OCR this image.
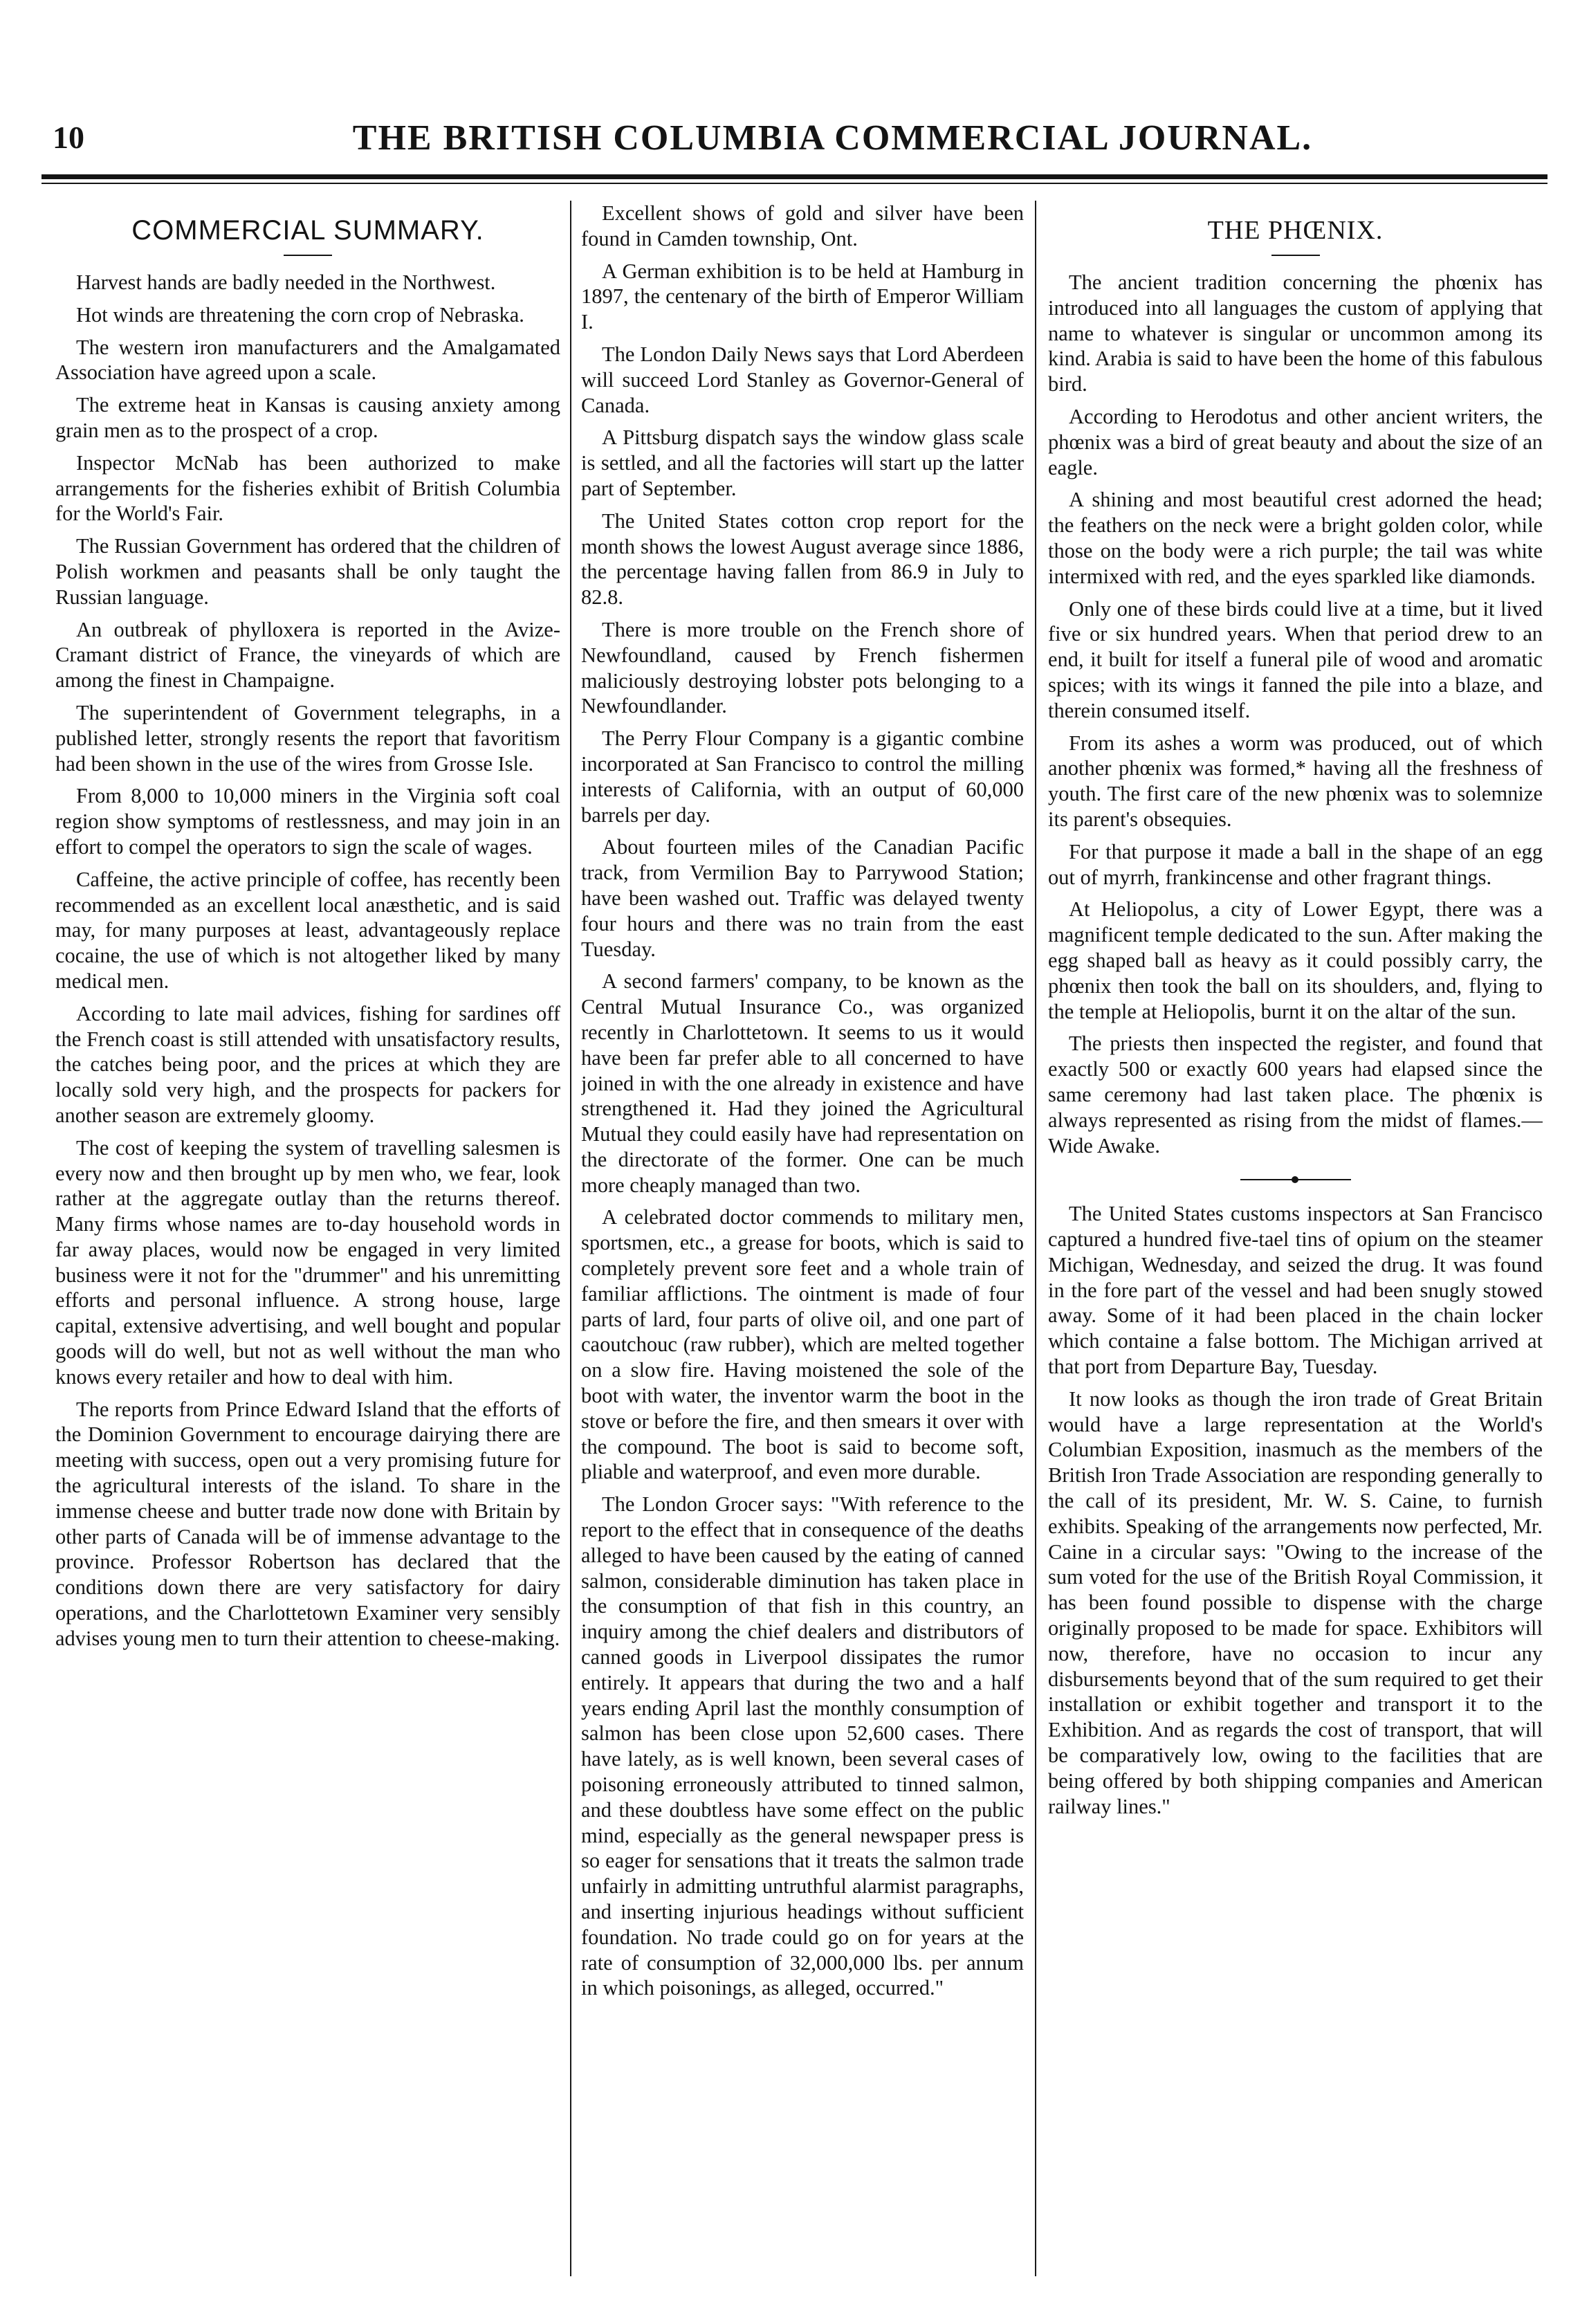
10	THE BRITISH COLUMBIA COMMERCIAL JOURNAL.
COMMERCIAL SUMMARY.

Harvest hands are badly needed in the Northwest.

Hot winds are threatening the corn crop of Nebraska.

The western iron manufacturers and the Amalgamated Association have agreed upon a scale.

The extreme heat in Kansas is causing anxiety among grain men as to the prospect of a crop.

Inspector McNab has been authorized to make arrangements for the fisheries exhibit of British Columbia for the World's Fair.

The Russian Government has ordered that the children of Polish workmen and peasants shall be only taught the Russian language.

An outbreak of phylloxera is reported in the Avize-Cramant district of France, the vineyards of which are among the finest in Champaigne.

The superintendent of Government telegraphs, in a published letter, strongly resents the report that favoritism had been shown in the use of the wires from Grosse Isle.

From 8,000 to 10,000 miners in the Virginia soft coal region show symptoms of restlessness, and may join in an effort to compel the operators to sign the scale of wages.

Caffeine, the active principle of coffee, has recently been recommended as an excellent local anæsthetic, and is said may, for many purposes at least, advantageously replace cocaine, the use of which is not altogether liked by many medical men.

According to late mail advices, fishing for sardines off the French coast is still attended with unsatisfactory results, the catches being poor, and the prices at which they are locally sold very high, and the prospects for packers for another season are extremely gloomy.

The cost of keeping the system of travelling salesmen is every now and then brought up by men who, we fear, look rather at the aggregate outlay than the returns thereof. Many firms whose names are to-day household words in far away places, would now be engaged in very limited business were it not for the "drummer" and his unremitting efforts and personal influence. A strong house, large capital, extensive advertising, and well bought and popular goods will do well, but not as well without the man who knows every retailer and how to deal with him.

The reports from Prince Edward Island that the efforts of the Dominion Government to encourage dairying there are meeting with success, open out a very promising future for the agricultural interests of the island. To share in the immense cheese and butter trade now done with Britain by other parts of Canada will be of immense advantage to the province. Professor Robertson has declared that the conditions down there are very satisfactory for dairy operations, and the Charlottetown Examiner very sensibly advises young men to turn their attention to cheese-making.

Excellent shows of gold and silver have been found in Camden township, Ont.

A German exhibition is to be held at Hamburg in 1897, the centenary of the birth of Emperor William I.

The London Daily News says that Lord Aberdeen will succeed Lord Stanley as Governor-General of Canada.

A Pittsburg dispatch says the window glass scale is settled, and all the factories will start up the latter part of September.

The United States cotton crop report for the month shows the lowest August average since 1886, the percentage having fallen from 86.9 in July to 82.8.

There is more trouble on the French shore of Newfoundland, caused by French fishermen maliciously destroying lobster pots belonging to a Newfoundlander.

The Perry Flour Company is a gigantic combine incorporated at San Francisco to control the milling interests of California, with an output of 60,000 barrels per day.

About fourteen miles of the Canadian Pacific track, from Vermilion Bay to Parrywood Station; have been washed out. Traffic was delayed twenty four hours and there was no train from the east Tuesday.

A second farmers' company, to be known as the Central Mutual Insurance Co., was organized recently in Charlottetown. It seems to us it would have been far prefer able to all concerned to have joined in with the one already in existence and have strengthened it. Had they joined the Agricultural Mutual they could easily have had representation on the directorate of the former. One can be much more cheaply managed than two.

A celebrated doctor commends to military men, sportsmen, etc., a grease for boots, which is said to completely prevent sore feet and a whole train of familiar afflictions. The ointment is made of four parts of lard, four parts of olive oil, and one part of caoutchouc (raw rubber), which are melted together on a slow fire. Having moistened the sole of the boot with water, the inventor warm the boot in the stove or before the fire, and then smears it over with the compound. The boot is said to become soft, pliable and waterproof, and even more durable.

The London Grocer says: "With reference to the report to the effect that in consequence of the deaths alleged to have been caused by the eating of canned salmon, considerable diminution has taken place in the consumption of that fish in this country, an inquiry among the chief dealers and distributors of canned goods in Liverpool dissipates the rumor entirely. It appears that during the two and a half years ending April last the monthly consumption of salmon has been close upon 52,600 cases. There have lately, as is well known, been several cases of poisoning erroneously attributed to tinned salmon, and these doubtless have some effect on the public mind, especially as the general newspaper press is so eager for sensations that it treats the salmon trade unfairly in admitting untruthful alarmist paragraphs, and inserting injurious headings without sufficient foundation. No trade could go on for years at the rate of consumption of 32,000,000 lbs. per annum in which poisonings, as alleged, occurred."

THE PHŒNIX.

The ancient tradition concerning the phœnix has introduced into all languages the custom of applying that name to whatever is singular or uncommon among its kind. Arabia is said to have been the home of this fabulous bird.

According to Herodotus and other ancient writers, the phœnix was a bird of great beauty and about the size of an eagle.

A shining and most beautiful crest adorned the head; the feathers on the neck were a bright golden color, while those on the body were a rich purple; the tail was white intermixed with red, and the eyes sparkled like diamonds.

Only one of these birds could live at a time, but it lived five or six hundred years. When that period drew to an end, it built for itself a funeral pile of wood and aromatic spices; with its wings it fanned the pile into a blaze, and therein consumed itself.

From its ashes a worm was produced, out of which another phœnix was formed,* having all the freshness of youth. The first care of the new phœnix was to solemnize its parent's obsequies.

For that purpose it made a ball in the shape of an egg out of myrrh, frankincense and other fragrant things.

At Heliopolus, a city of Lower Egypt, there was a magnificent temple dedicated to the sun. After making the egg shaped ball as heavy as it could possibly carry, the phœnix then took the ball on its shoulders, and, flying to the temple at Heliopolis, burnt it on the altar of the sun.

The priests then inspected the register, and found that exactly 500 or exactly 600 years had elapsed since the same ceremony had last taken place. The phœnix is always represented as rising from the midst of flames.—Wide Awake.

The United States customs inspectors at San Francisco captured a hundred five-tael tins of opium on the steamer Michigan, Wednesday, and seized the drug. It was found in the fore part of the vessel and had been snugly stowed away. Some of it had been placed in the chain locker which containe a false bottom. The Michigan arrived at that port from Departure Bay, Tuesday.

It now looks as though the iron trade of Great Britain would have a large representation at the World's Columbian Exposition, inasmuch as the members of the British Iron Trade Association are responding generally to the call of its president, Mr. W. S. Caine, to furnish exhibits. Speaking of the arrangements now perfected, Mr. Caine in a circular says: "Owing to the increase of the sum voted for the use of the British Royal Commission, it has been found possible to dispense with the charge originally proposed to be made for space. Exhibitors will now, therefore, have no occasion to incur any disbursements beyond that of the sum required to get their installation or exhibit together and transport it to the Exhibition. And as regards the cost of transport, that will be comparatively low, owing to the facilities that are being offered by both shipping companies and American railway lines."
